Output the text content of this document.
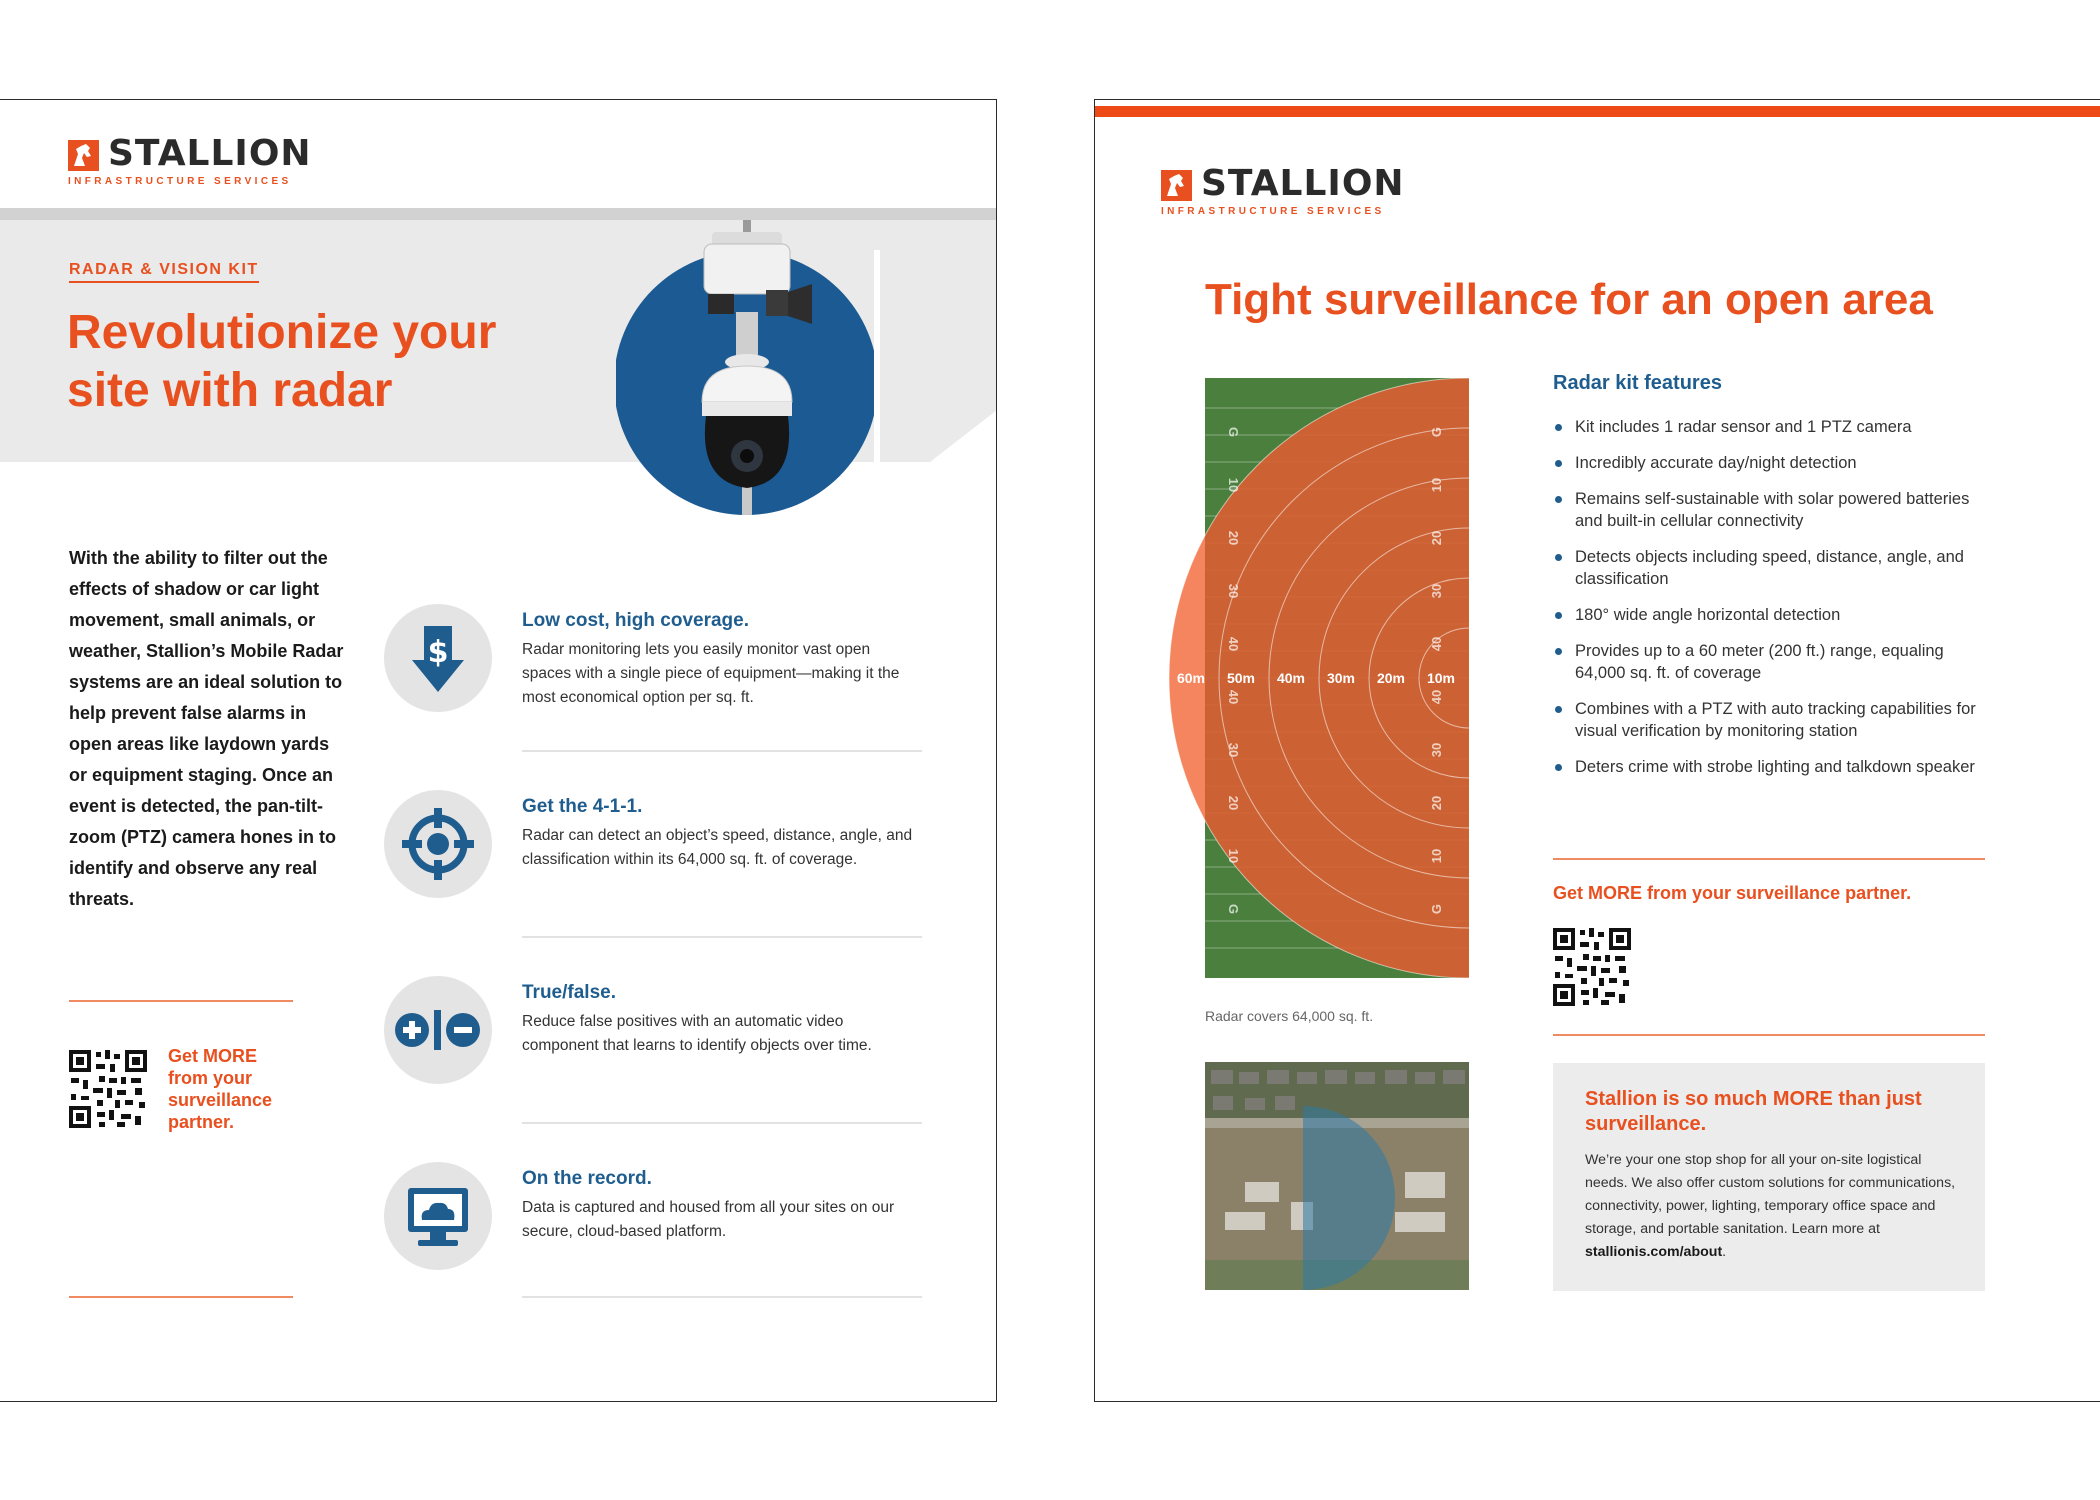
STALLION
INFRASTRUCTURE SERVICES
RADAR & VISION KIT
Revolutionize your site with radar
With the ability to filter out the effects of shadow or car light movement, small animals, or weather, Stallion’s Mobile Radar systems are an ideal solution to help prevent false alarms in open areas like laydown yards or equipment staging. Once an event is detected, the pan-tilt-zoom (PTZ) camera hones in to identify and observe any real threats.
Get MORE from your surveillance partner.
$
Low cost, high coverage.
Radar monitoring lets you easily monitor vast open spaces with a single piece of equipment—making it the most economical option per sq. ft.
Get the 4-1-1.
Radar can detect an object’s speed, distance, angle, and classification within its 64,000 sq. ft. of coverage.
True/false.
Reduce false positives with an automatic video component that learns to identify objects over time.
On the record.
Data is captured and housed from all your sites on our secure, cloud-based platform.
STALLION
INFRASTRUCTURE SERVICES
Tight surveillance for an open area
60m 50m 40m 30m 20m 10m
G	G
10	10
20	20
30	30
40	40
40	40
30	30
20	20
10	10
G	G
Radar covers 64,000 sq. ft.
Radar kit features
Kit includes 1 radar sensor and 1 PTZ camera
Incredibly accurate day/night detection
Remains self-sustainable with solar powered batteries and built-in cellular connectivity
Detects objects including speed, distance, angle, and classification
180° wide angle horizontal detection
Provides up to a 60 meter (200 ft.) range, equaling 64,000 sq. ft. of coverage
Combines with a PTZ with auto tracking capabilities for visual verification by monitoring station
Deters crime with strobe lighting and talkdown speaker
Get MORE from your surveillance partner.
Stallion is so much MORE than just surveillance.
We’re your one stop shop for all your on-site logistical needs. We also offer custom solutions for communications, connectivity, power, lighting, temporary office space and storage, and portable sanitation. Learn more at stallionis.com/about.
